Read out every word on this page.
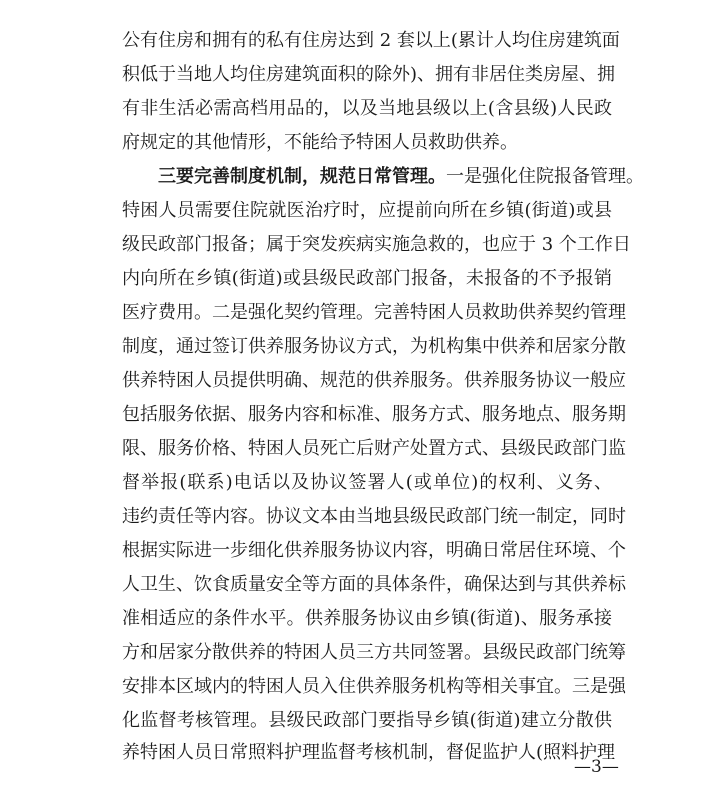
公有住房和拥有的私有住房达到 2 套以上(累计人均住房建筑面
积低于当地人均住房建筑面积的除外)、拥有非居住类房屋、拥
有非生活必需高档用品的，以及当地县级以上(含县级)人民政
府规定的其他情形，不能给予特困人员救助供养。
三要完善制度机制，规范日常管理。一是强化住院报备管理。
特困人员需要住院就医治疗时，应提前向所在乡镇(街道)或县
级民政部门报备；属于突发疾病实施急救的，也应于 3 个工作日
内向所在乡镇(街道)或县级民政部门报备，未报备的不予报销
医疗费用。二是强化契约管理。完善特困人员救助供养契约管理
制度，通过签订供养服务协议方式，为机构集中供养和居家分散
供养特困人员提供明确、规范的供养服务。供养服务协议一般应
包括服务依据、服务内容和标准、服务方式、服务地点、服务期
限、服务价格、特困人员死亡后财产处置方式、县级民政部门监
督举报(联系)电话以及协议签署人(或单位)的权利、义务、
违约责任等内容。协议文本由当地县级民政部门统一制定，同时
根据实际进一步细化供养服务协议内容，明确日常居住环境、个
人卫生、饮食质量安全等方面的具体条件，确保达到与其供养标
准相适应的条件水平。供养服务协议由乡镇(街道)、服务承接
方和居家分散供养的特困人员三方共同签署。县级民政部门统筹
安排本区域内的特困人员入住供养服务机构等相关事宜。三是强
化监督考核管理。县级民政部门要指导乡镇(街道)建立分散供
养特困人员日常照料护理监督考核机制，督促监护人(照料护理
—3—
